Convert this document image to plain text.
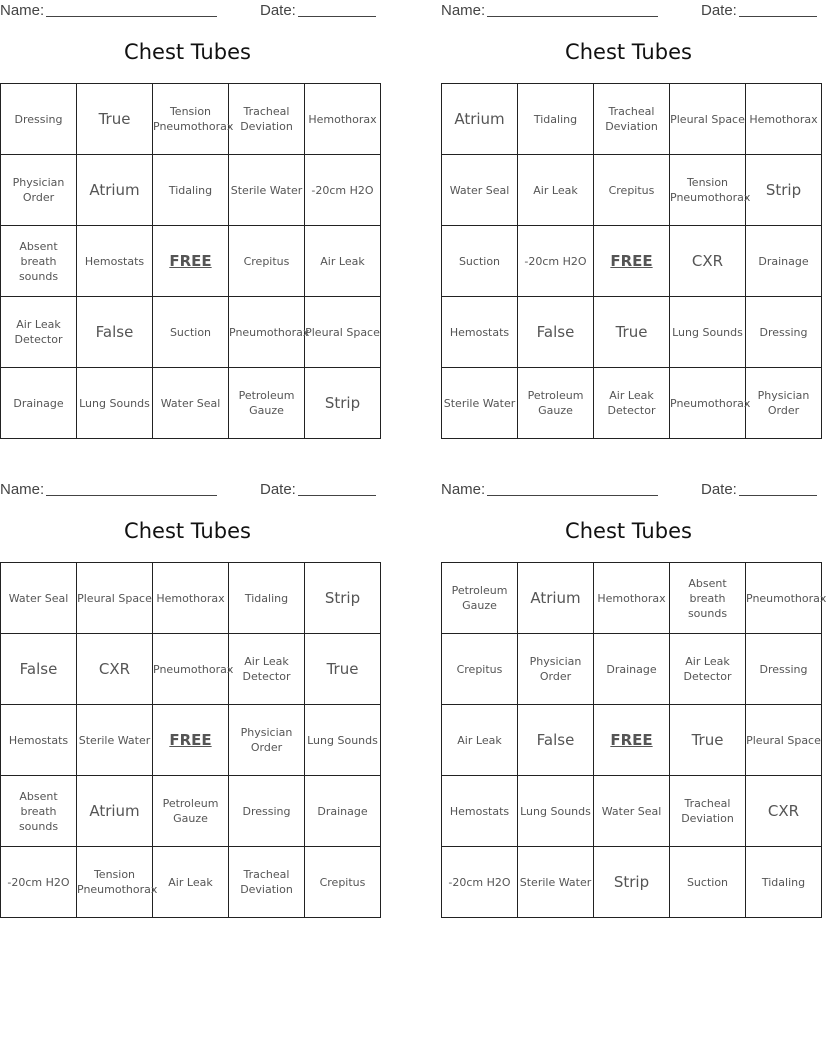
Name:	Date:
Chest Tubes
Dressing	True	Tension Pneumothorax	Tracheal Deviation	Hemothorax
Physician Order	Atrium	Tidaling	Sterile Water	-20cm H2O
Absent breath sounds	Hemostats	FREE	Crepitus	Air Leak
Air Leak Detector	False	Suction	Pneumothorax	Pleural Space
Drainage	Lung Sounds	Water Seal	Petroleum Gauze	Strip
Name:	Date:
Chest Tubes
Atrium	Tidaling	Tracheal Deviation	Pleural Space	Hemothorax
Water Seal	Air Leak	Crepitus	Tension Pneumothorax	Strip
Suction	-20cm H2O	FREE	CXR	Drainage
Hemostats	False	True	Lung Sounds	Dressing
Sterile Water	Petroleum Gauze	Air Leak Detector	Pneumothorax	Physician Order
Name:	Date:
Chest Tubes
Water Seal	Pleural Space	Hemothorax	Tidaling	Strip
False	CXR	Pneumothorax	Air Leak Detector	True
Hemostats	Sterile Water	FREE	Physician Order	Lung Sounds
Absent breath sounds	Atrium	Petroleum Gauze	Dressing	Drainage
-20cm H2O	Tension Pneumothorax	Air Leak	Tracheal Deviation	Crepitus
Name:	Date:
Chest Tubes
Petroleum Gauze	Atrium	Hemothorax	Absent breath sounds	Pneumothorax
Crepitus	Physician Order	Drainage	Air Leak Detector	Dressing
Air Leak	False	FREE	True	Pleural Space
Hemostats	Lung Sounds	Water Seal	Tracheal Deviation	CXR
-20cm H2O	Sterile Water	Strip	Suction	Tidaling
